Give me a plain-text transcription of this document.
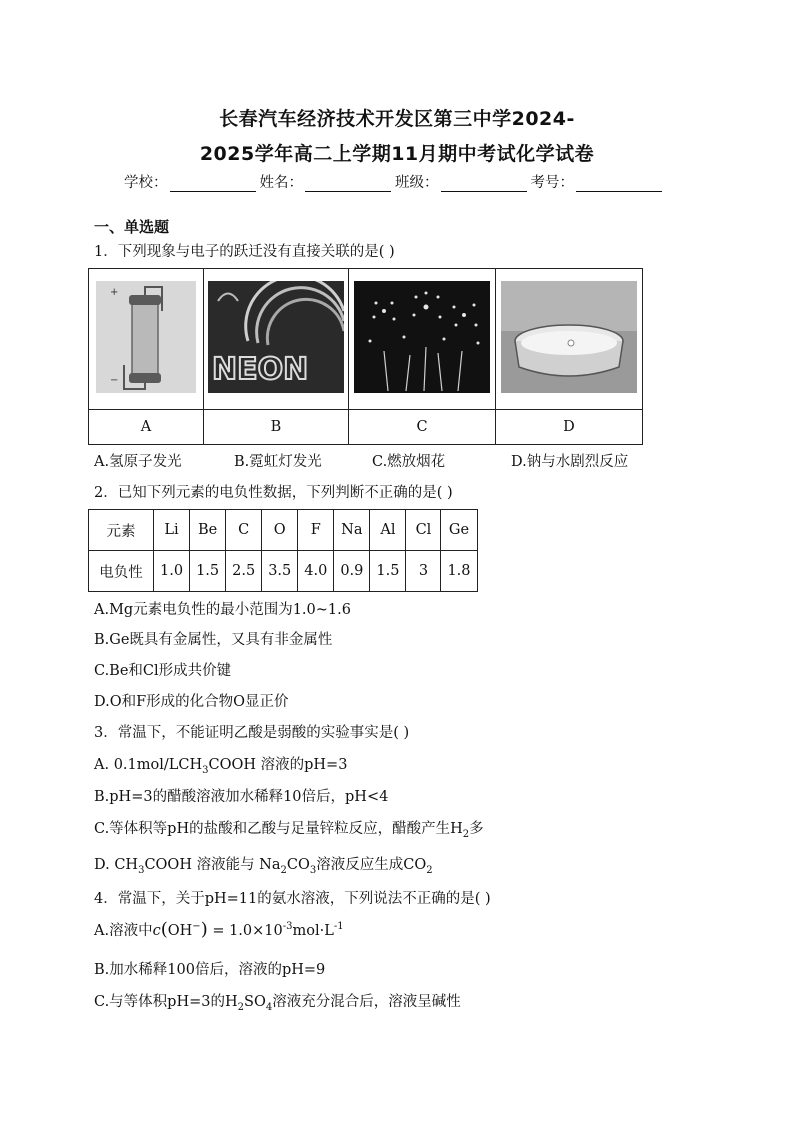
长春汽车经济技术开发区第三中学2024-
2025学年高二上学期11月期中考试化学试卷
学校：	姓名：	班级：	考号：
一、单选题
1．下列现象与电子的跃迁没有直接关联的是( )
+
−	NEON

A	B	C	D
A.氢原子发光	B.霓虹灯发光	C.燃放烟花	D.钠与水剧烈反应
2．已知下列元素的电负性数据，下列判断不正确的是( )
元素	Li	Be	C	O	F	Na	Al	Cl	Ge
电负性	1.0	1.5	2.5	3.5	4.0	0.9	1.5	3	1.8
A.Mg元素电负性的最小范围为1.0~1.6
B.Ge既具有金属性，又具有非金属性
C.Be和Cl形成共价键
D.O和F形成的化合物O显正价
3．常温下，不能证明乙酸是弱酸的实验事实是( )
A. $0.1mol/LCH_3COOH$ 溶液的pH=3
B.pH=3的醋酸溶液加水稀释10倍后，pH<4
C.等体积等pH的盐酸和乙酸与足量锌粒反应，醋酸产生$H_2$多
D. $CH_3COOH$ 溶液能与 $Na_2CO_3$溶液反应生成$CO_2$
4．常温下，关于pH=11的氨水溶液，下列说法不正确的是( )
A.溶液中$c(OH^-) = 1.0\times 10^{-3}mol\cdot L^{-1}$
B.加水稀释100倍后，溶液的pH=9
C.与等体积pH=3的$H_2SO_4$溶液充分混合后，溶液呈碱性
